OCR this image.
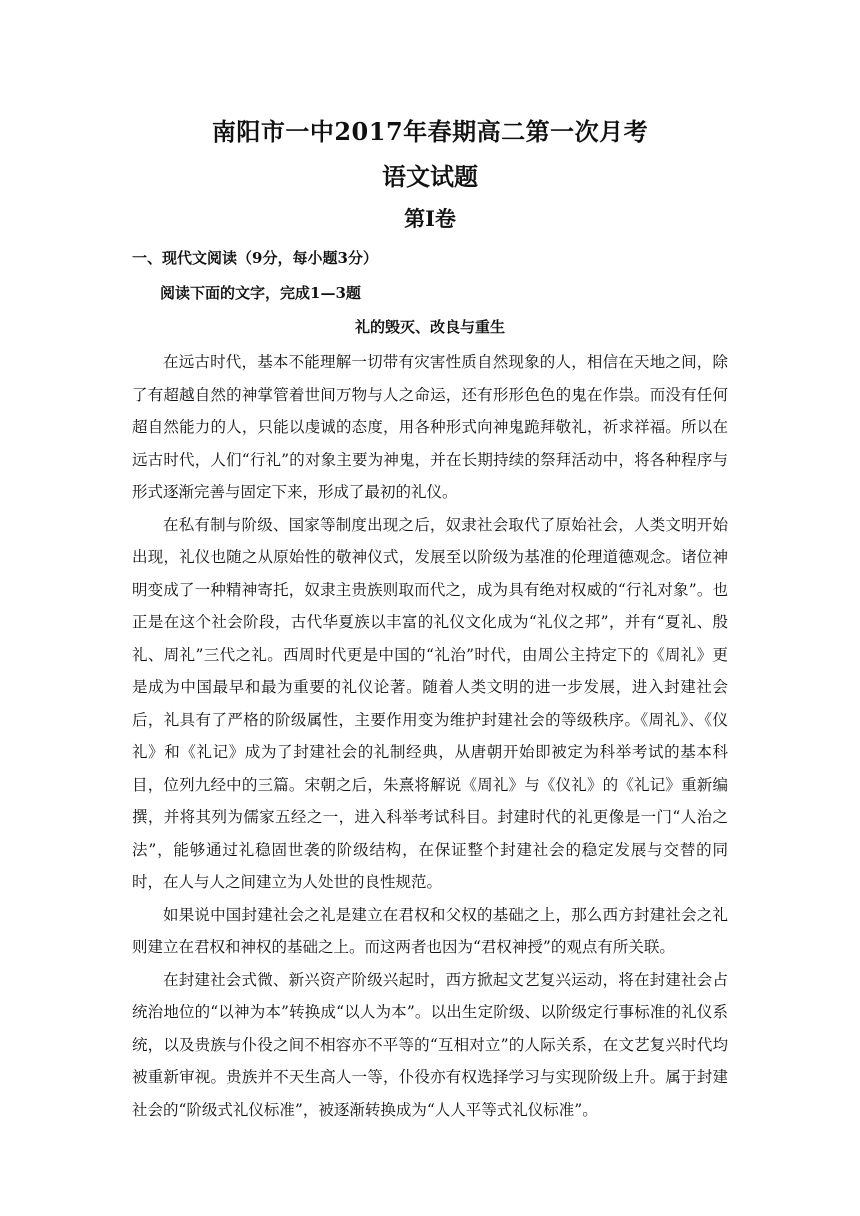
南阳市一中2017年春期高二第一次月考
语文试题
第Ⅰ卷
一、现代文阅读（9分，每小题3分）
阅读下面的文字，完成1—3题
礼的毁灭、改良与重生

在远古时代，基本不能理解一切带有灾害性质自然现象的人，相信在天地之间，除了有超越自然的神掌管着世间万物与人之命运，还有形形色色的鬼在作祟。而没有任何超自然能力的人，只能以虔诚的态度，用各种形式向神鬼跪拜敬礼，祈求祥福。所以在远古时代，人们“行礼”的对象主要为神鬼，并在长期持续的祭拜活动中，将各种程序与形式逐渐完善与固定下来，形成了最初的礼仪。

在私有制与阶级、国家等制度出现之后，奴隶社会取代了原始社会，人类文明开始出现，礼仪也随之从原始性的敬神仪式，发展至以阶级为基准的伦理道德观念。诸位神明变成了一种精神寄托，奴隶主贵族则取而代之，成为具有绝对权威的“行礼对象”。也正是在这个社会阶段，古代华夏族以丰富的礼仪文化成为“礼仪之邦”，并有“夏礼、殷礼、周礼”三代之礼。西周时代更是中国的“礼治”时代，由周公主持定下的《周礼》更是成为中国最早和最为重要的礼仪论著。随着人类文明的进一步发展，进入封建社会后，礼具有了严格的阶级属性，主要作用变为维护封建社会的等级秩序。《周礼》、《仪礼》和《礼记》成为了封建社会的礼制经典，从唐朝开始即被定为科举考试的基本科目，位列九经中的三篇。宋朝之后，朱熹将解说《周礼》与《仪礼》的《礼记》重新编撰，并将其列为儒家五经之一，进入科举考试科目。封建时代的礼更像是一门“人治之法”，能够通过礼稳固世袭的阶级结构，在保证整个封建社会的稳定发展与交替的同时，在人与人之间建立为人处世的良性规范。

如果说中国封建社会之礼是建立在君权和父权的基础之上，那么西方封建社会之礼则建立在君权和神权的基础之上。而这两者也因为“君权神授”的观点有所关联。

在封建社会式微、新兴资产阶级兴起时，西方掀起文艺复兴运动，将在封建社会占统治地位的“以神为本”转换成“以人为本”。以出生定阶级、以阶级定行事标准的礼仪系统，以及贵族与仆役之间不相容亦不平等的“互相对立”的人际关系，在文艺复兴时代均被重新审视。贵族并不天生高人一等，仆役亦有权选择学习与实现阶级上升。属于封建社会的“阶级式礼仪标准”，被逐渐转换成为“人人平等式礼仪标准”。
